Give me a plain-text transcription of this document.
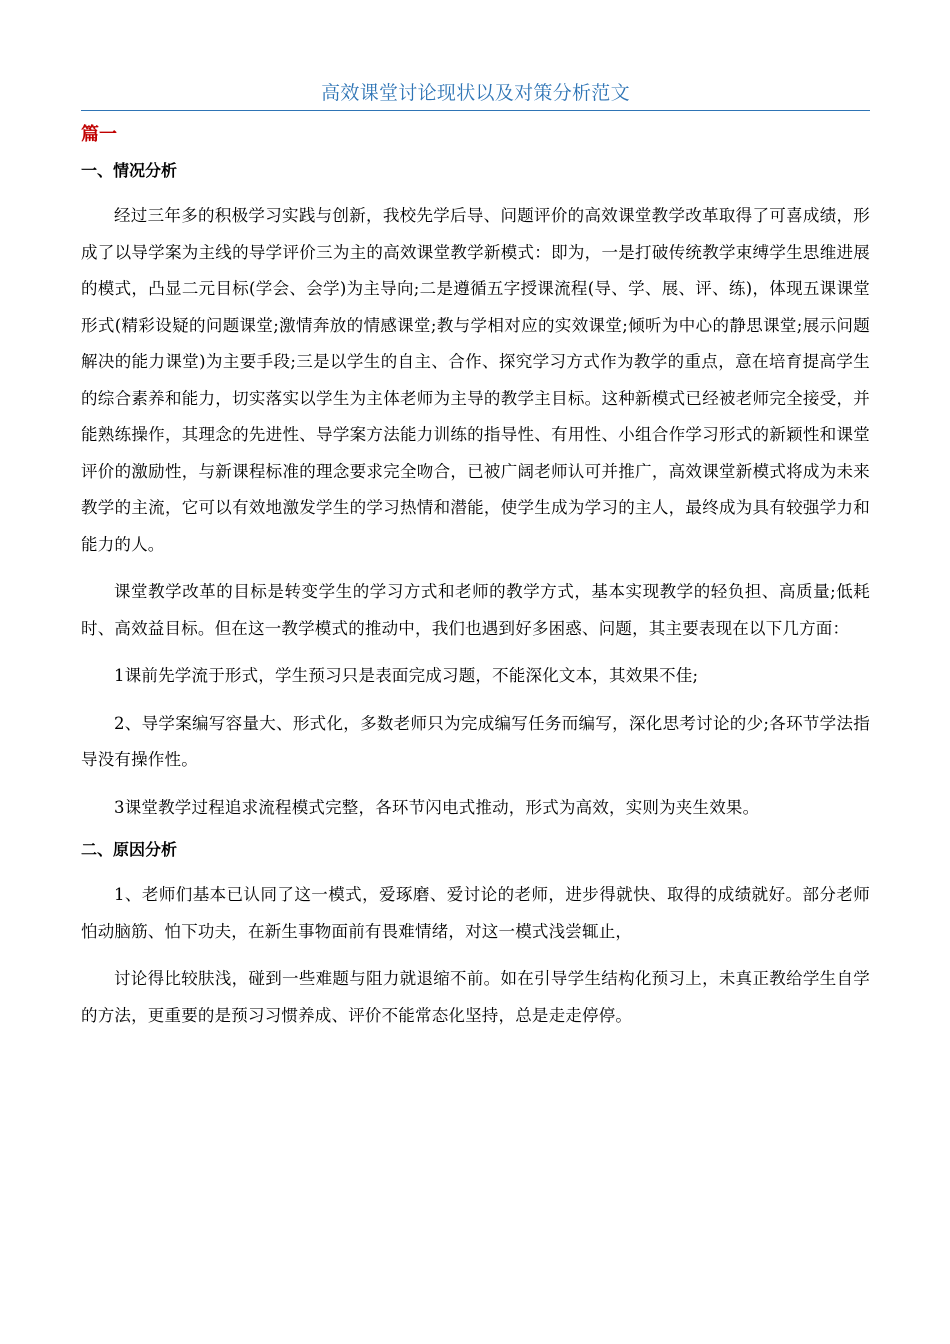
高效课堂讨论现状以及对策分析范文
篇一
一、情况分析

经过三年多的积极学习实践与创新，我校先学后导、问题评价的高效课堂教学改革取得了可喜成绩，形成了以导学案为主线的导学评价三为主的高效课堂教学新模式：即为，一是打破传统教学束缚学生思维进展的模式，凸显二元目标(学会、会学)为主导向;二是遵循五字授课流程(导、学、展、评、练)，体现五课课堂形式(精彩设疑的问题课堂;激情奔放的情感课堂;教与学相对应的实效课堂;倾听为中心的静思课堂;展示问题解决的能力课堂)为主要手段;三是以学生的自主、合作、探究学习方式作为教学的重点，意在培育提高学生的综合素养和能力，切实落实以学生为主体老师为主导的教学主目标。这种新模式已经被老师完全接受，并能熟练操作，其理念的先进性、导学案方法能力训练的指导性、有用性、小组合作学习形式的新颖性和课堂评价的激励性，与新课程标准的理念要求完全吻合，已被广阔老师认可并推广，高效课堂新模式将成为未来教学的主流，它可以有效地激发学生的学习热情和潜能，使学生成为学习的主人，最终成为具有较强学力和能力的人。

课堂教学改革的目标是转变学生的学习方式和老师的教学方式，基本实现教学的轻负担、高质量;低耗时、高效益目标。但在这一教学模式的推动中，我们也遇到好多困惑、问题，其主要表现在以下几方面：

1课前先学流于形式，学生预习只是表面完成习题，不能深化文本，其效果不佳;

2、导学案编写容量大、形式化，多数老师只为完成编写任务而编写，深化思考讨论的少;各环节学法指导没有操作性。

3课堂教学过程追求流程模式完整，各环节闪电式推动，形式为高效，实则为夹生效果。

二、原因分析

1、老师们基本已认同了这一模式，爱琢磨、爱讨论的老师，进步得就快、取得的成绩就好。部分老师怕动脑筋、怕下功夫，在新生事物面前有畏难情绪，对这一模式浅尝辄止，

讨论得比较肤浅，碰到一些难题与阻力就退缩不前。如在引导学生结构化预习上，未真正教给学生自学的方法，更重要的是预习习惯养成、评价不能常态化坚持，总是走走停停。
